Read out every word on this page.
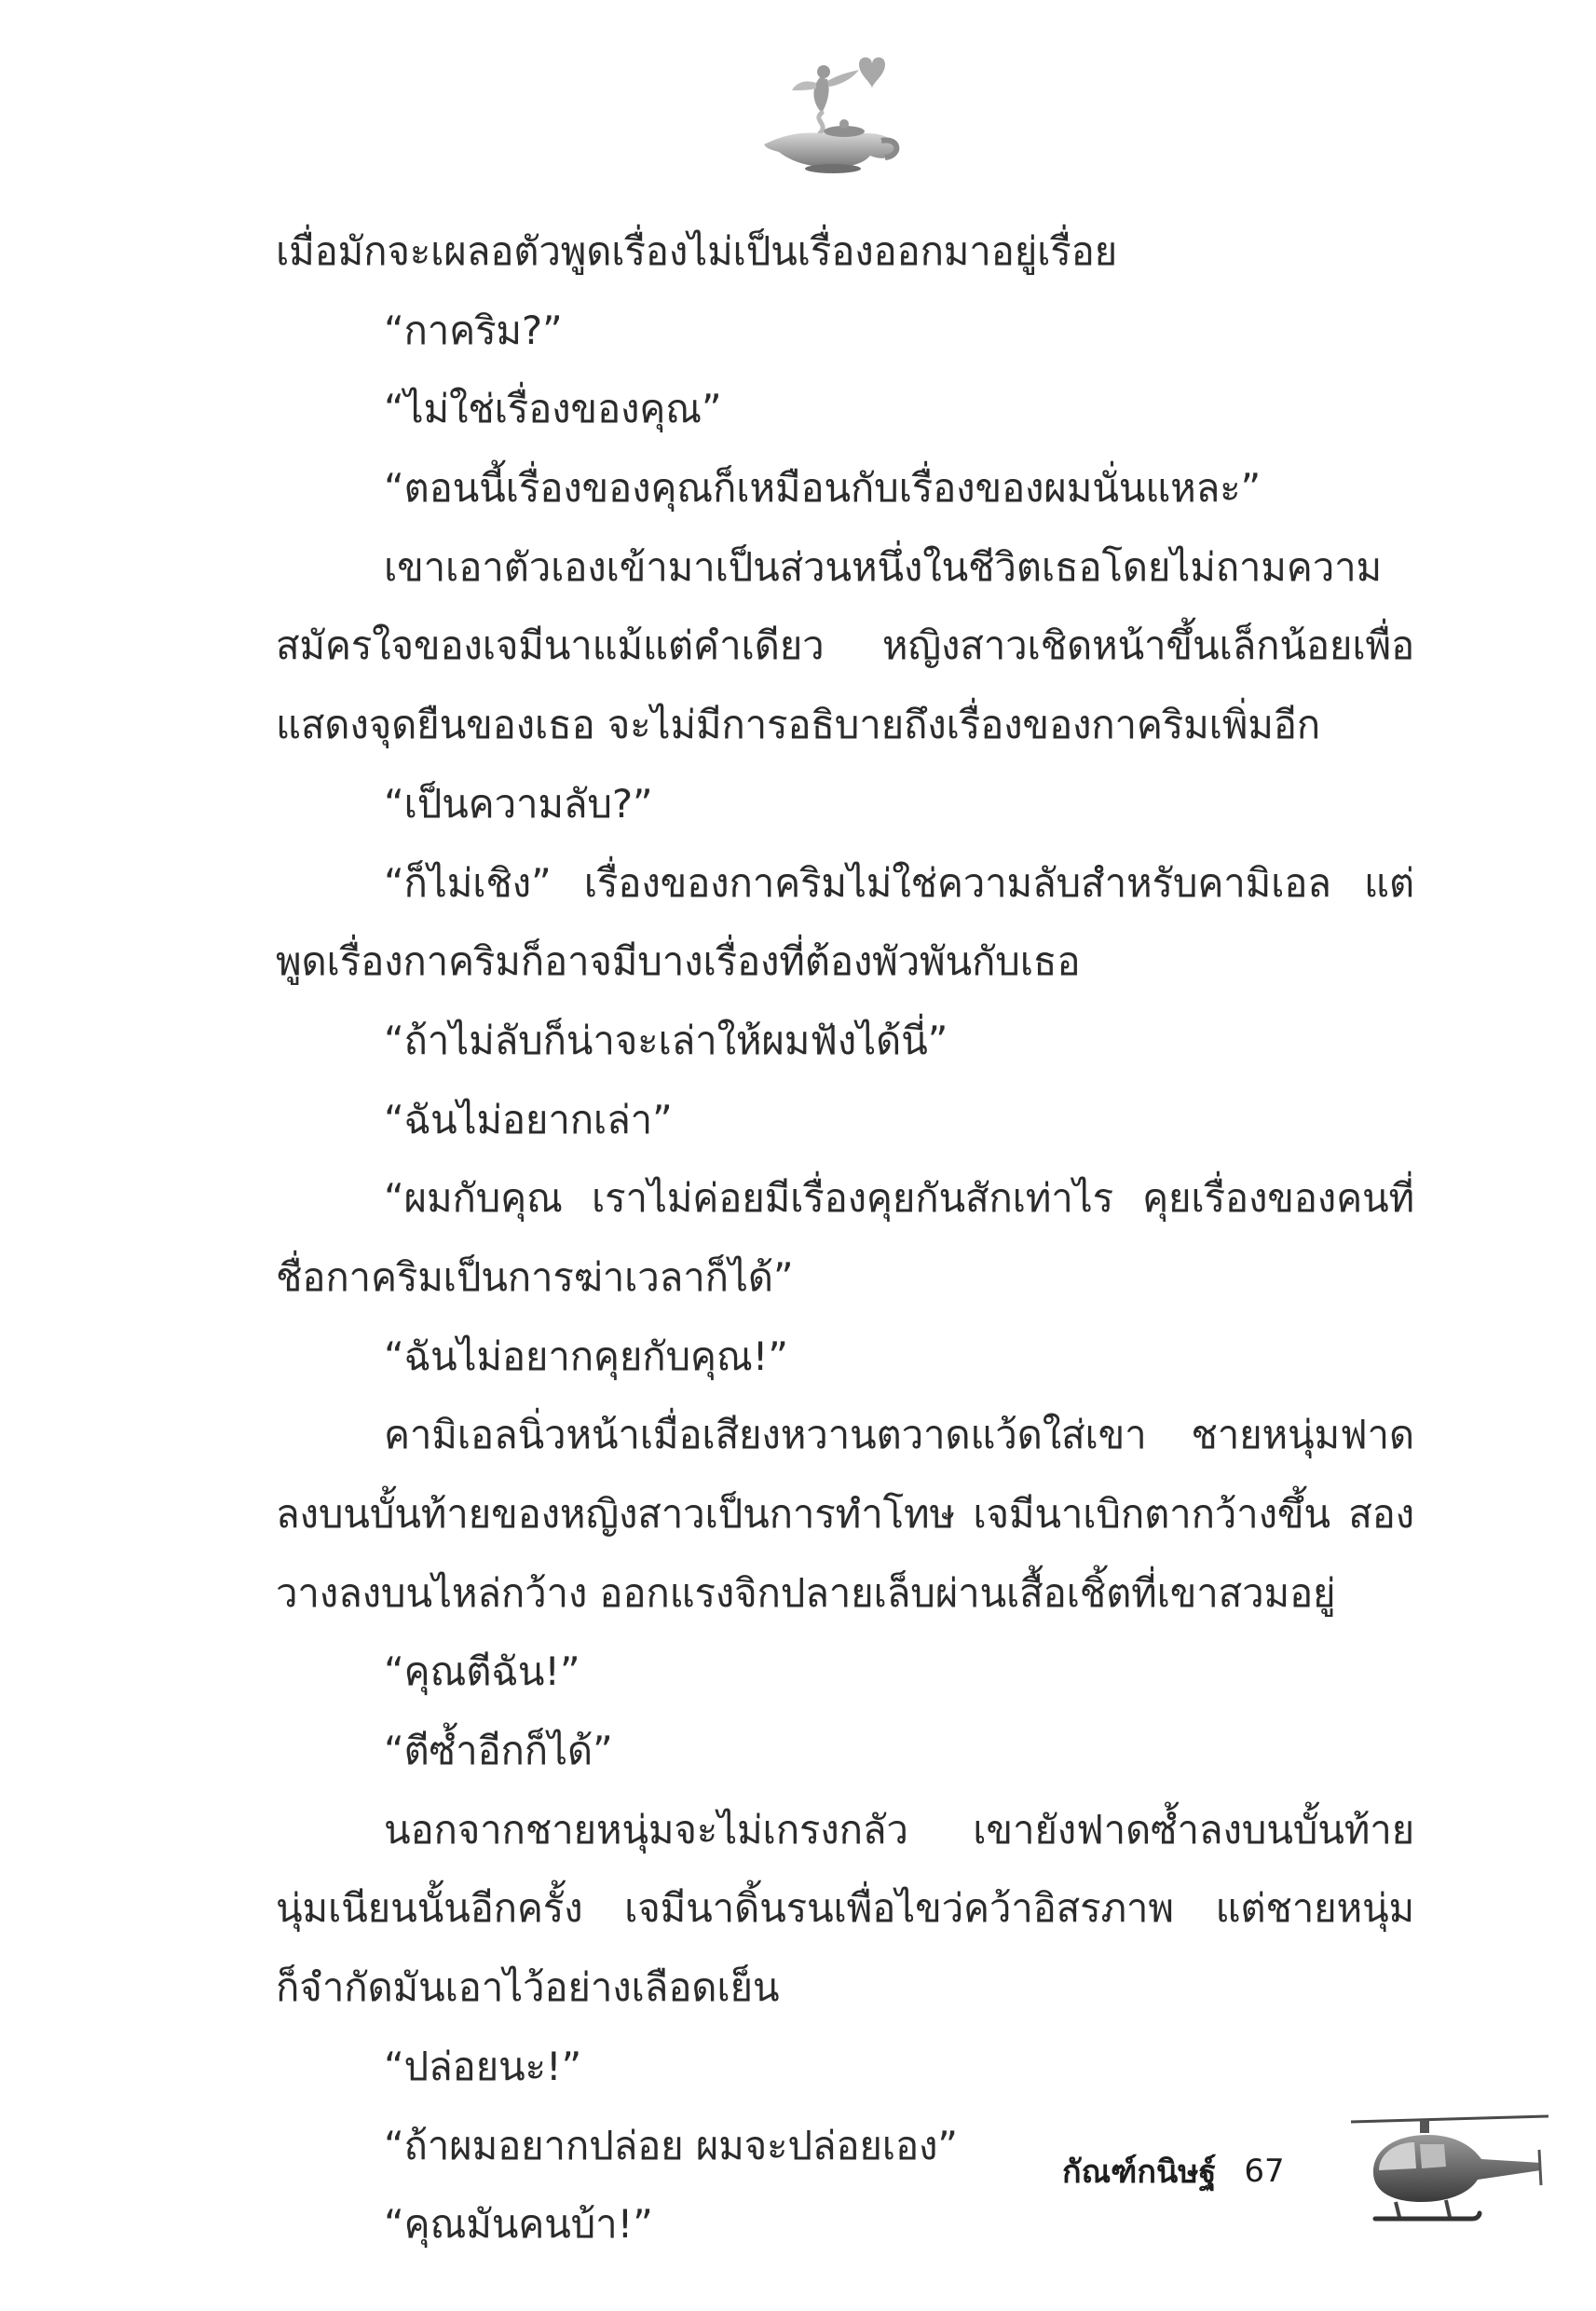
เมื่อมักจะเผลอตัวพูดเรื่องไม่เป็นเรื่องออกมาอยู่เรื่อย
“กาคริม?”
“ไม่ใช่เรื่องของคุณ”
“ตอนนี้เรื่องของคุณก็เหมือนกับเรื่องของผมนั่นแหละ”
เขาเอาตัวเองเข้ามาเป็นส่วนหนึ่งในชีวิตเธอโดยไม่ถามความ
สมัครใจของเจมีนาแม้แต่คำเดียว หญิงสาวเชิดหน้าขึ้นเล็กน้อยเพื่อ
แสดงจุดยืนของเธอ จะไม่มีการอธิบายถึงเรื่องของกาคริมเพิ่มอีก
“เป็นความลับ?”
“ก็ไม่เชิง” เรื่องของกาคริมไม่ใช่ความลับสำหรับคามิเอล แต่
พูดเรื่องกาคริมก็อาจมีบางเรื่องที่ต้องพัวพันกับเธอ
“ถ้าไม่ลับก็น่าจะเล่าให้ผมฟังได้นี่”
“ฉันไม่อยากเล่า”
“ผมกับคุณ เราไม่ค่อยมีเรื่องคุยกันสักเท่าไร คุยเรื่องของคนที่
ชื่อกาคริมเป็นการฆ่าเวลาก็ได้”
“ฉันไม่อยากคุยกับคุณ!”
คามิเอลนิ่วหน้าเมื่อเสียงหวานตวาดแว้ดใส่เขา ชายหนุ่มฟาด
ลงบนบั้นท้ายของหญิงสาวเป็นการทำโทษ เจมีนาเบิกตากว้างขึ้น สอง
วางลงบนไหล่กว้าง ออกแรงจิกปลายเล็บผ่านเสื้อเชิ้ตที่เขาสวมอยู่
“คุณตีฉัน!”
“ตีซ้ำอีกก็ได้”
นอกจากชายหนุ่มจะไม่เกรงกลัว เขายังฟาดซ้ำลงบนบั้นท้าย
นุ่มเนียนนั้นอีกครั้ง เจมีนาดิ้นรนเพื่อไขว่คว้าอิสรภาพ แต่ชายหนุ่ม
ก็จำกัดมันเอาไว้อย่างเลือดเย็น
“ปล่อยนะ!”
“ถ้าผมอยากปล่อย ผมจะปล่อยเอง”
“คุณมันคนบ้า!”
กัณฑ์กนิษฐ์ 67
